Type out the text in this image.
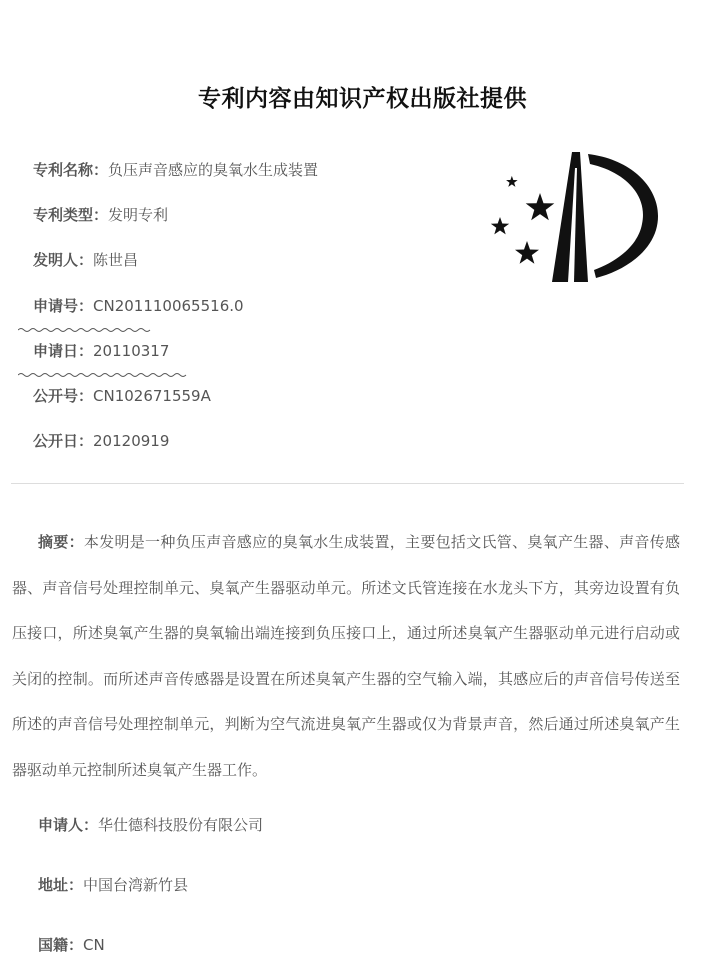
专利内容由知识产权出版社提供
专利名称：负压声音感应的臭氧水生成装置
专利类型：发明专利
发明人：陈世昌
申请号：CN201110065516.0
申请日：20110317
公开号：CN102671559A
公开日：20120919
摘要：本发明是一种负压声音感应的臭氧水生成装置，主要包括文氏管、臭氧产生器、声音传感器、声音信号处理控制单元、臭氧产生器驱动单元。所述文氏管连接在水龙头下方，其旁边设置有负压接口，所述臭氧产生器的臭氧输出端连接到负压接口上，通过所述臭氧产生器驱动单元进行启动或关闭的控制。而所述声音传感器是设置在所述臭氧产生器的空气输入端，其感应后的声音信号传送至所述的声音信号处理控制单元，判断为空气流进臭氧产生器或仅为背景声音，然后通过所述臭氧产生器驱动单元控制所述臭氧产生器工作。
申请人：华仕德科技股份有限公司
地址：中国台湾新竹县
国籍：CN
